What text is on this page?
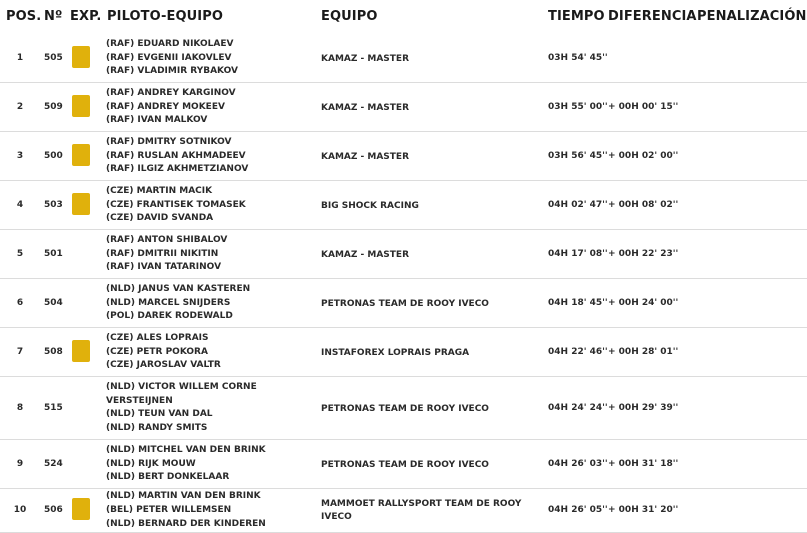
POS. Nº EXP. PILOTO-EQUIPO	EQUIPO	TIEMPO DIFERENCIA PENALIZACIÓN
1	505
(RAF) EDUARD NIKOLAEV
(RAF) EVGENII IAKOVLEV
(RAF) VLADIMIR RYBAKOV
KAMAZ - MASTER	03H 54' 45''
2	509
(RAF) ANDREY KARGINOV
(RAF) ANDREY MOKEEV
(RAF) IVAN MALKOV
KAMAZ - MASTER	03H 55' 00'' + 00H 00' 15''
3	500
(RAF) DMITRY SOTNIKOV
(RAF) RUSLAN AKHMADEEV
(RAF) ILGIZ AKHMETZIANOV
KAMAZ - MASTER	03H 56' 45'' + 00H 02' 00''
4	503
(CZE) MARTIN MACIK
(CZE) FRANTISEK TOMASEK
(CZE) DAVID SVANDA
BIG SHOCK RACING	04H 02' 47'' + 00H 08' 02''
5	501
(RAF) ANTON SHIBALOV
(RAF) DMITRII NIKITIN
(RAF) IVAN TATARINOV
KAMAZ - MASTER	04H 17' 08'' + 00H 22' 23''
6	504
(NLD) JANUS VAN KASTEREN
(NLD) MARCEL SNIJDERS
(POL) DAREK RODEWALD
PETRONAS TEAM DE ROOY IVECO	04H 18' 45'' + 00H 24' 00''
7	508
(CZE) ALES LOPRAIS
(CZE) PETR POKORA
(CZE) JAROSLAV VALTR
INSTAFOREX LOPRAIS PRAGA	04H 22' 46'' + 00H 28' 01''
8	515
(NLD) VICTOR WILLEM CORNE
VERSTEIJNEN
(NLD) TEUN VAN DAL
(NLD) RANDY SMITS
PETRONAS TEAM DE ROOY IVECO	04H 24' 24'' + 00H 29' 39''
9	524
(NLD) MITCHEL VAN DEN BRINK
(NLD) RIJK MOUW
(NLD) BERT DONKELAAR
PETRONAS TEAM DE ROOY IVECO	04H 26' 03'' + 00H 31' 18''
10	506
(NLD) MARTIN VAN DEN BRINK
(BEL) PETER WILLEMSEN
(NLD) BERNARD DER KINDEREN
MAMMOET RALLYSPORT TEAM DE ROOY IVECO
04H 26' 05'' + 00H 31' 20''
